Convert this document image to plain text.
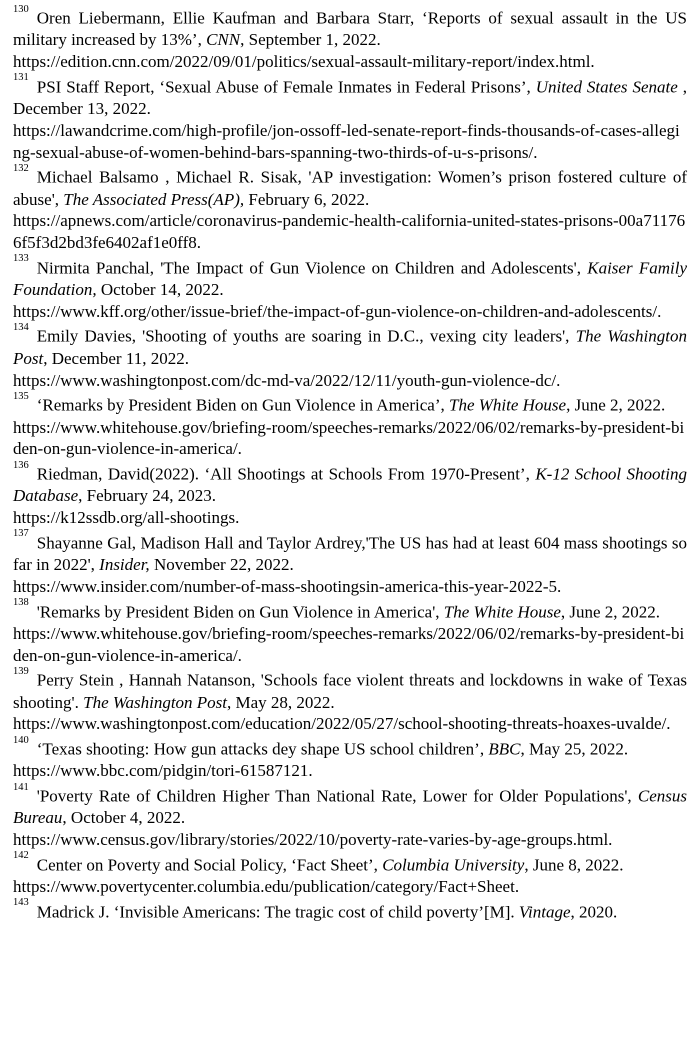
$^{130}$ Oren Liebermann, Ellie Kaufman and Barbara Starr, ‘Reports of sexual assault in the US military increased by 13%’, CNN, September 1, 2022.

https://edition.cnn.com/2022/09/01/politics/sexual-assault-military-report/index.html.

$^{131}$ PSI Staff Report, ‘Sexual Abuse of Female Inmates in Federal Prisons’, United States Senate , December 13, 2022.

https://lawandcrime.com/high-profile/jon-ossoff-led-senate-report-finds-thousands-of-cases-alleging-sexual-abuse-of-women-behind-bars-spanning-two-thirds-of-u-s-prisons/.

$^{132}$ Michael Balsamo , Michael R. Sisak, 'AP investigation: Women’s prison fostered culture of abuse', The Associated Press(AP), February 6, 2022.

https://apnews.com/article/coronavirus-pandemic-health-california-united-states-prisons-00a711766f5f3d2bd3fe6402af1e0ff8.

$^{133}$ Nirmita Panchal, 'The Impact of Gun Violence on Children and Adolescents', Kaiser Family Foundation, October 14, 2022.

https://www.kff.org/other/issue-brief/the-impact-of-gun-violence-on-children-and-adolescents/.

$^{134}$ Emily Davies, 'Shooting of youths are soaring in D.C., vexing city leaders', The Washington Post, December 11, 2022.

https://www.washingtonpost.com/dc-md-va/2022/12/11/youth-gun-violence-dc/.

$^{135}$ ‘Remarks by President Biden on Gun Violence in America’, The White House, June 2, 2022.

https://www.whitehouse.gov/briefing-room/speeches-remarks/2022/06/02/remarks-by-president-biden-on-gun-violence-in-america/.

$^{136}$ Riedman, David(2022). ‘All Shootings at Schools From 1970-Present’, K-12 School Shooting Database, February 24, 2023.

https://k12ssdb.org/all-shootings.

$^{137}$ Shayanne Gal, Madison Hall and Taylor Ardrey,'The US has had at least 604 mass shootings so far in 2022', Insider, November 22, 2022.

https://www.insider.com/number-of-mass-shootingsin-america-this-year-2022-5.

$^{138}$ 'Remarks by President Biden on Gun Violence in America', The White House, June 2, 2022.

https://www.whitehouse.gov/briefing-room/speeches-remarks/2022/06/02/remarks-by-president-biden-on-gun-violence-in-america/.

$^{139}$ Perry Stein , Hannah Natanson, 'Schools face violent threats and lockdowns in wake of Texas shooting'. The Washington Post, May 28, 2022.

https://www.washingtonpost.com/education/2022/05/27/school-shooting-threats-hoaxes-uvalde/.

$^{140}$ ‘Texas shooting: How gun attacks dey shape US school children’, BBC, May 25, 2022.

https://www.bbc.com/pidgin/tori-61587121.

$^{141}$ 'Poverty Rate of Children Higher Than National Rate, Lower for Older Populations', Census Bureau, October 4, 2022.

https://www.census.gov/library/stories/2022/10/poverty-rate-varies-by-age-groups.html.

$^{142}$ Center on Poverty and Social Policy, ‘Fact Sheet’, Columbia University, June 8, 2022.

https://www.povertycenter.columbia.edu/publication/category/Fact+Sheet.

$^{143}$ Madrick J. ‘Invisible Americans: The tragic cost of child poverty’[M]. Vintage, 2020.
